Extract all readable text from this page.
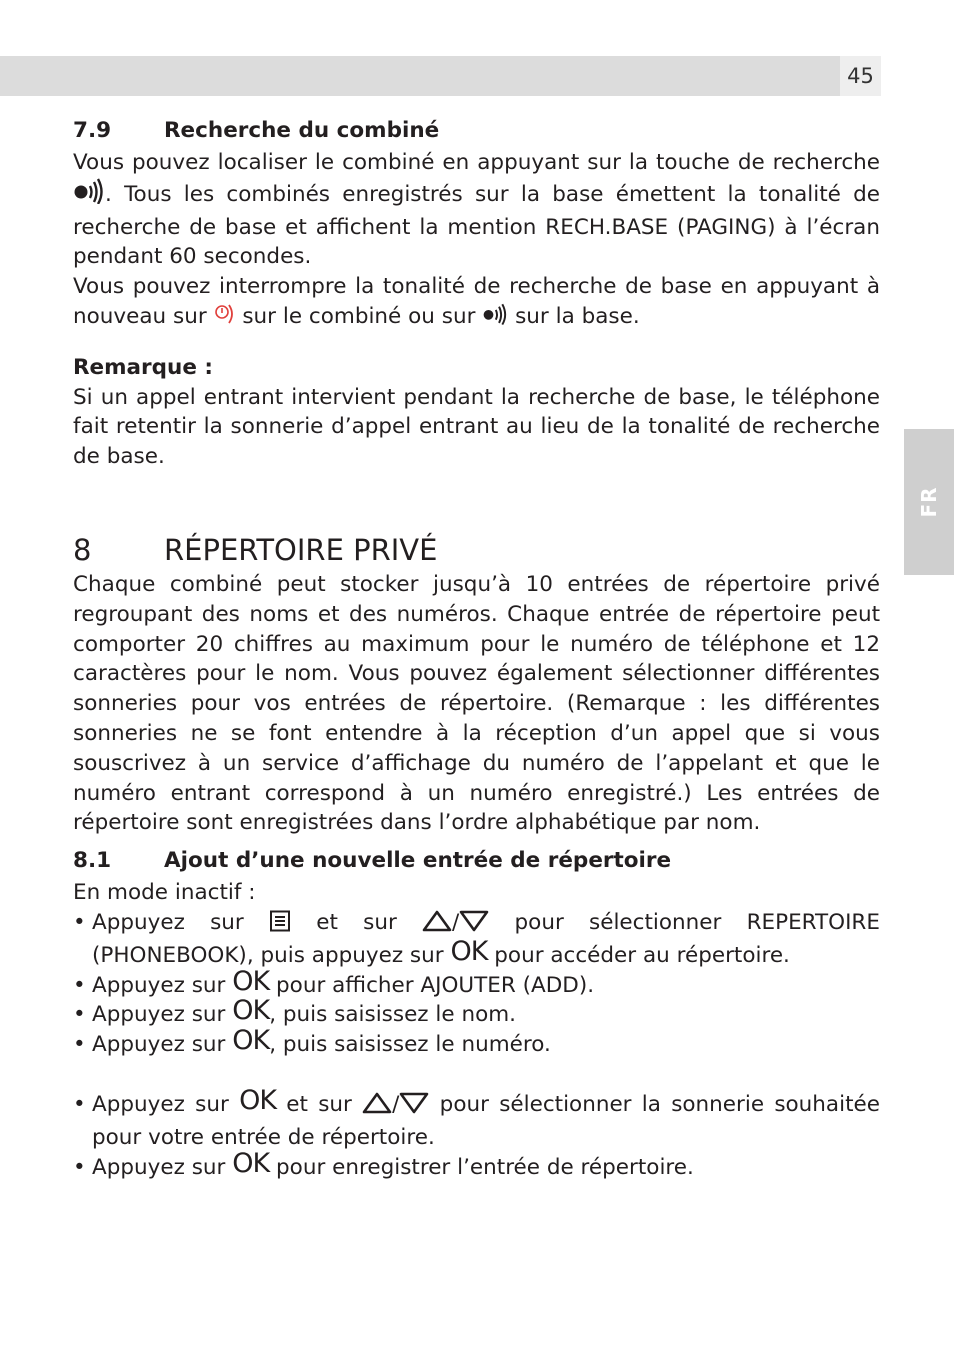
45
FR
7.9	Recherche du combiné

Vous pouvez localiser le combiné en appuyant sur la touche de recherche . Tous les combinés enregistrés sur la base émettent la tonalité de recherche de base et affichent la mention RECH.BASE (PAGING) à l’écran pendant 60 secondes.

Vous pouvez interrompre la tonalité de recherche de base en appuyant à nouveau sur sur le combiné ou sur sur la base.

Remarque :

Si un appel entrant intervient pendant la recherche de base, le téléphone fait retentir la sonnerie d’appel entrant au lieu de la tonalité de recherche de base.

8	RÉPERTOIRE PRIVÉ

Chaque combiné peut stocker jusqu’à 10 entrées de répertoire privé regroupant des noms et des numéros. Chaque entrée de répertoire peut comporter 20 chiffres au maximum pour le numéro de téléphone et 12 caractères pour le nom. Vous pouvez également sélectionner différentes sonneries pour vos entrées de répertoire. (Remarque : les différentes sonneries ne se font entendre à la réception d’un appel que si vous souscrivez à un service d’affichage du numéro de l’appelant et que le numéro entrant correspond à un numéro enregistré.) Les entrées de répertoire sont enregistrées dans l’ordre alphabétique par nom.

8.1	Ajout d’une nouvelle entrée de répertoire

En mode inactif :

• Appuyez sur	et sur	/	pour sélectionner REPERTOIRE (PHONEBOOK), puis appuyez sur OK pour accéder au répertoire.

• Appuyez sur OK pour afficher AJOUTER (ADD).

• Appuyez sur OK, puis saisissez le nom.

• Appuyez sur OK, puis saisissez le numéro.

• Appuyez sur OK et sur / pour sélectionner la sonnerie souhaitée pour votre entrée de répertoire.

• Appuyez sur OK pour enregistrer l’entrée de répertoire.
